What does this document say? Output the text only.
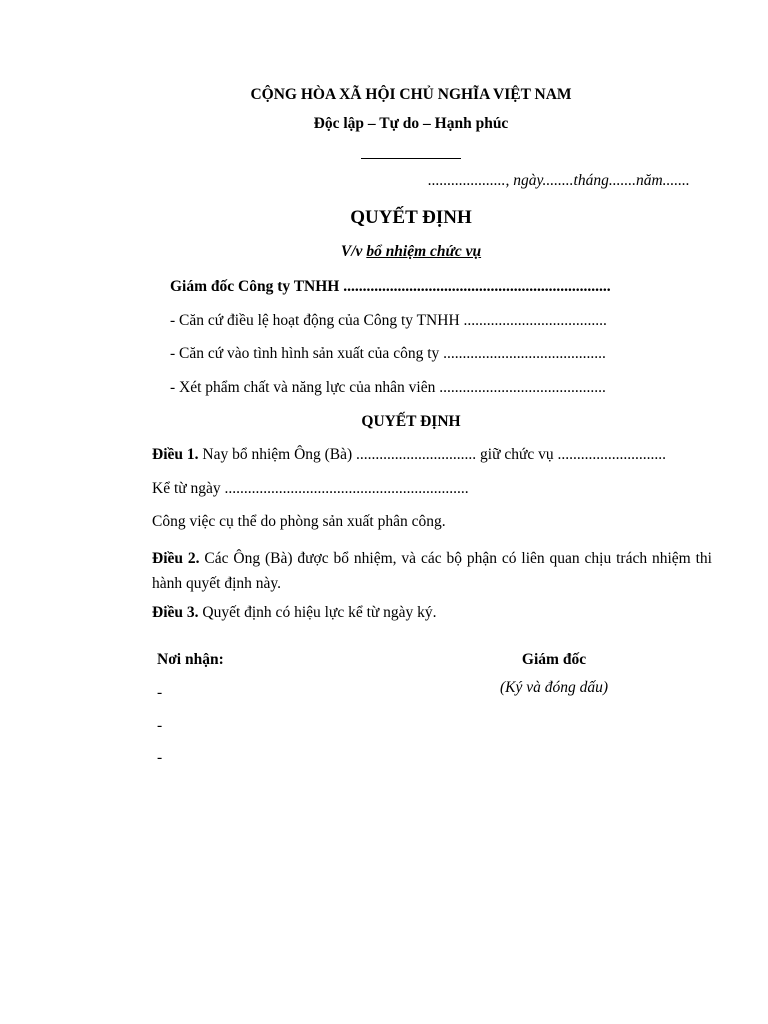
CỘNG HÒA XÃ HỘI CHỦ NGHĨA VIỆT NAM
Độc lập – Tự do – Hạnh phúc
...................., ngày........tháng.......năm.......
QUYẾT ĐỊNH
V/v bổ nhiệm chức vụ
Giám đốc Công ty TNHH .....................................................................
- Căn cứ điều lệ hoạt động của Công ty TNHH .....................................
- Căn cứ vào tình hình sản xuất của công ty ..........................................
- Xét phẩm chất và năng lực của nhân viên ...........................................
QUYẾT ĐỊNH
Điều 1. Nay bổ nhiệm Ông (Bà) ............................... giữ chức vụ ............................
Kể từ ngày ...............................................................
Công việc cụ thể do phòng sản xuất phân công.
Điều 2. Các Ông (Bà) được bổ nhiệm, và các bộ phận có liên quan chịu trách nhiệm thi hành quyết định này.
Điều 3. Quyết định có hiệu lực kể từ ngày ký.
Nơi nhận:
-
-
-
Giám đốc
(Ký và đóng dấu)
